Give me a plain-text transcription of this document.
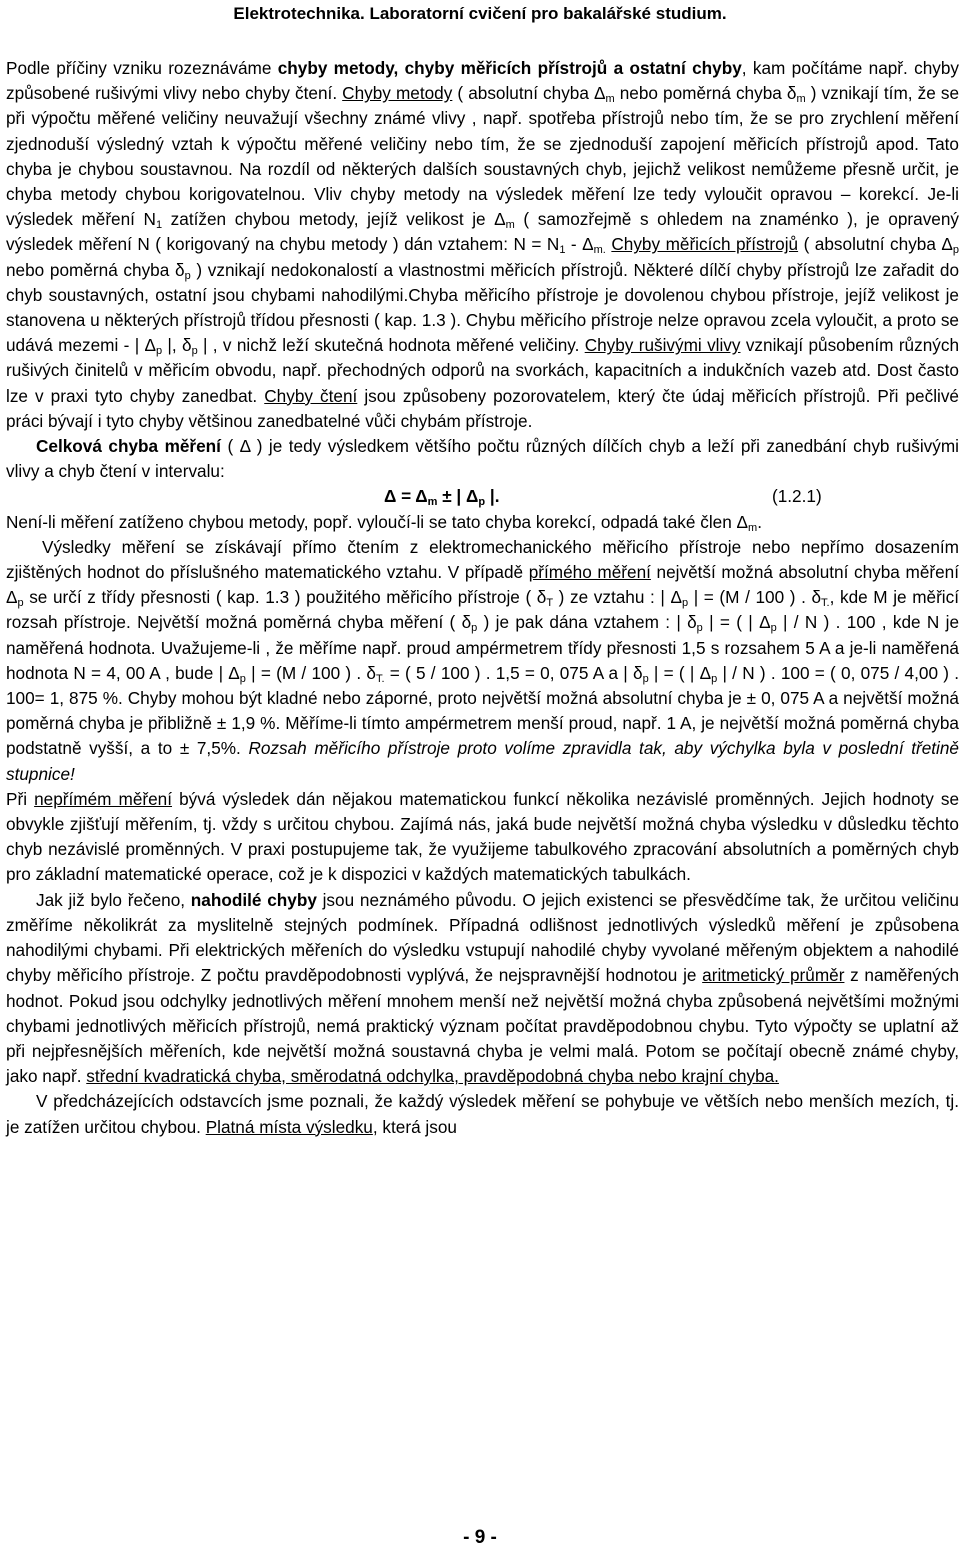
Elektrotechnika. Laboratorní cvičení pro bakalářské studium.

Podle příčiny vzniku rozeznáváme chyby metody, chyby měřicích přístrojů a ostatní chyby, kam počítáme např. chyby způsobené rušivými vlivy nebo chyby čtení. Chyby metody ( absolutní chyba $\Delta_m$ nebo poměrná chyba $\delta_m$ ) vznikají tím, že se při výpočtu měřené veličiny neuvažují všechny známé vlivy , např. spotřeba přístrojů nebo tím, že se pro zrychlení měření zjednoduší výsledný vztah k výpočtu měřené veličiny nebo tím, že se zjednoduší zapojení měřicích přístrojů apod. Tato chyba je chybou soustavnou. Na rozdíl od některých dalších soustavných chyb, jejichž velikost nemůžeme přesně určit, je chyba metody chybou korigovatelnou. Vliv chyby metody na výsledek měření lze tedy vyloučit opravou – korekcí. Je-li výsledek měření $N_1$ zatížen chybou metody, jejíž velikost je $\Delta_m$ ( samozřejmě s ohledem na znaménko ), je opravený výsledek měření N ( korigovaný na chybu metody ) dán vztahem: $N = N_1 - \Delta_{m.}$ Chyby měřicích přístrojů ( absolutní chyba $\Delta_p$ nebo poměrná chyba $\delta_p$ ) vznikají nedokonalostí a vlastnostmi měřicích přístrojů. Některé dílčí chyby přístrojů lze zařadit do chyb soustavných, ostatní jsou chybami nahodilými.Chyba měřicího přístroje je dovolenou chybou přístroje, jejíž velikost je stanovena u některých přístrojů třídou přesnosti ( kap. 1.3 ). Chybu měřicího přístroje nelze opravou zcela vyloučit, a proto se udává mezemi - | $\Delta_p$ |, $\delta_p$ | , v nichž leží skutečná hodnota měřené veličiny. Chyby rušivými vlivy vznikají působením různých rušivých činitelů v měřicím obvodu, např. přechodných odporů na svorkách, kapacitních a indukčních vazeb atd. Dost často lze v praxi tyto chyby zanedbat. Chyby čtení jsou způsobeny pozorovatelem, který čte údaj měřicích přístrojů. Při pečlivé práci bývají i tyto chyby většinou zanedbatelné vůči chybám přístroje.

Celková chyba měření ( Δ ) je tedy výsledkem většího počtu různých dílčích chyb a leží při zanedbání chyb rušivými vlivy a chyb čtení v intervalu:

$\Delta = \Delta_m$ ± | $\Delta_p$ |.	(1.2.1)

Není-li měření zatíženo chybou metody, popř. vyloučí-li se tato chyba korekcí, odpadá také člen $\Delta_m$.

Výsledky měření se získávají přímo čtením z elektromechanického měřicího přístroje nebo nepřímo dosazením zjištěných hodnot do příslušného matematického vztahu. V případě přímého měření největší možná absolutní chyba měření $\Delta_p$ se určí z třídy přesnosti ( kap. 1.3 ) použitého měřicího přístroje ( $\delta_T$ ) ze vztahu : | $\Delta_p$ | = (M / 100 ) . $\delta_{T.}$, kde M je měřicí rozsah přístroje. Největší možná poměrná chyba měření ( $\delta_p$ ) je pak dána vztahem : | $\delta_p$ | = ( | $\Delta_p$ | / N ) . 100 , kde N je naměřená hodnota. Uvažujeme-li , že měříme např. proud ampérmetrem třídy přesnosti 1,5 s rozsahem 5 A a je-li naměřená hodnota N = 4, 00 A , bude | $\Delta_p$ | = (M / 100 ) . $\delta_{T.}$ = ( 5 / 100 ) . 1,5 = 0, 075 A a | $\delta_p$ | = ( | $\Delta_p$ | / N ) . 100 = ( 0, 075 / 4,00 ) . 100= 1, 875 %. Chyby mohou být kladné nebo záporné, proto největší možná absolutní chyba je ± 0, 075 A a největší možná poměrná chyba je přibližně ± 1,9 %. Měříme-li tímto ampérmetrem menší proud, např. 1 A, je největší možná poměrná chyba podstatně vyšší, a to ± 7,5%. Rozsah měřicího přístroje proto volíme zpravidla tak, aby výchylka byla v poslední třetině stupnice!

Při nepřímém měření bývá výsledek dán nějakou matematickou funkcí několika nezávislé proměnných. Jejich hodnoty se obvykle zjišťují měřením, tj. vždy s určitou chybou. Zajímá nás, jaká bude největší možná chyba výsledku v důsledku těchto chyb nezávislé proměnných. V praxi postupujeme tak, že využijeme tabulkového zpracování absolutních a poměrných chyb pro základní matematické operace, což je k dispozici v každých matematických tabulkách.

Jak již bylo řečeno, nahodilé chyby jsou neznámého původu. O jejich existenci se přesvědčíme tak, že určitou veličinu změříme několikrát za myslitelně stejných podmínek. Případná odlišnost jednotlivých výsledků měření je způsobena nahodilými chybami. Při elektrických měřeních do výsledku vstupují nahodilé chyby vyvolané měřeným objektem a nahodilé chyby měřicího přístroje. Z počtu pravděpodobnosti vyplývá, že nejspravnější hodnotou je aritmetický průměr z naměřených hodnot. Pokud jsou odchylky jednotlivých měření mnohem menší než největší možná chyba způsobená největšími možnými chybami jednotlivých měřicích přístrojů, nemá praktický význam počítat pravděpodobnou chybu. Tyto výpočty se uplatní až při nejpřesnějších měřeních, kde největší možná soustavná chyba je velmi malá. Potom se počítají obecně známé chyby, jako např. střední kvadratická chyba, směrodatná odchylka, pravděpodobná chyba nebo krajní chyba.

V předcházejících odstavcích jsme poznali, že každý výsledek měření se pohybuje ve větších nebo menších mezích, tj. je zatížen určitou chybou. Platná místa výsledku, která jsou

- 9 -
